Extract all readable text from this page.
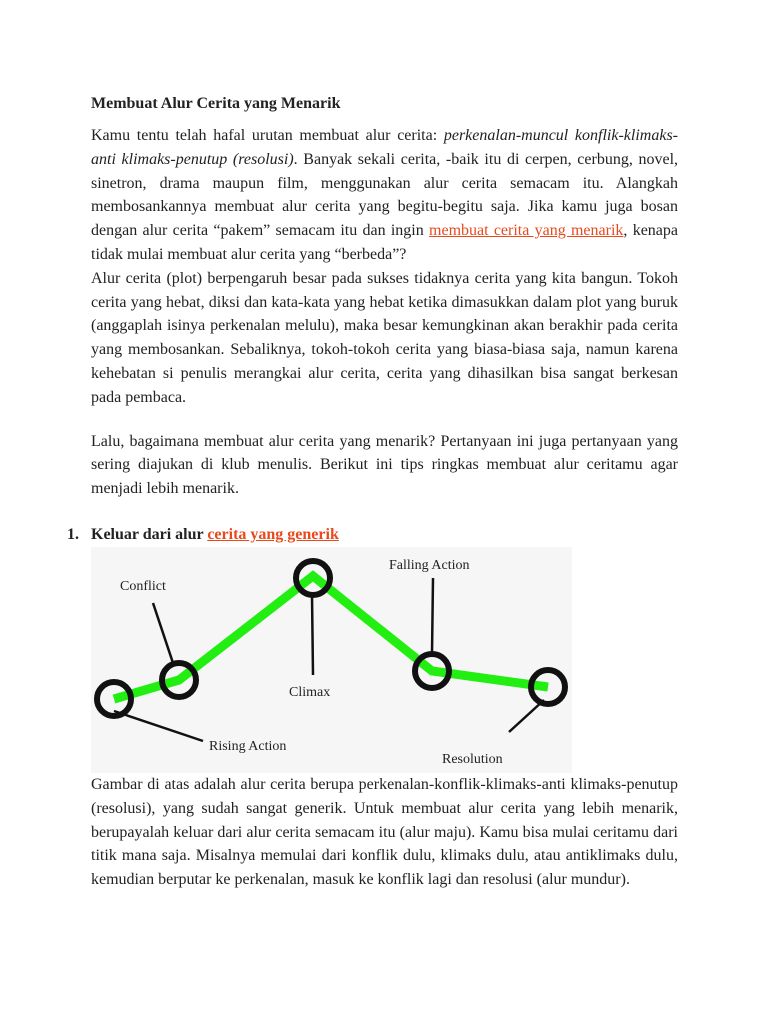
Membuat Alur Cerita yang Menarik

Kamu tentu telah hafal urutan membuat alur cerita: perkenalan-muncul konflik-klimaks-anti klimaks-penutup (resolusi). Banyak sekali cerita, -baik itu di cerpen, cerbung, novel, sinetron, drama maupun film, menggunakan alur cerita semacam itu. Alangkah membosankannya membuat alur cerita yang begitu-begitu saja. Jika kamu juga bosan dengan alur cerita “pakem” semacam itu dan ingin membuat cerita yang menarik, kenapa tidak mulai membuat alur cerita yang “berbeda”?

Alur cerita (plot) berpengaruh besar pada sukses tidaknya cerita yang kita bangun. Tokoh cerita yang hebat, diksi dan kata-kata yang hebat ketika dimasukkan dalam plot yang buruk (anggaplah isinya perkenalan melulu), maka besar kemungkinan akan berakhir pada cerita yang membosankan. Sebaliknya, tokoh-tokoh cerita yang biasa-biasa saja, namun karena kehebatan si penulis merangkai alur cerita, cerita yang dihasilkan bisa sangat berkesan pada pembaca.

Lalu, bagaimana membuat alur cerita yang menarik? Pertanyaan ini juga pertanyaan yang sering diajukan di klub menulis. Berikut ini tips ringkas membuat alur ceritamu agar menjadi lebih menarik.

1. Keluar dari alur cerita yang generik
Conflict
Falling Action
Climax
Rising Action
Resolution

Gambar di atas adalah alur cerita berupa perkenalan-konflik-klimaks-anti klimaks-penutup (resolusi), yang sudah sangat generik. Untuk membuat alur cerita yang lebih menarik, berupayalah keluar dari alur cerita semacam itu (alur maju). Kamu bisa mulai ceritamu dari titik mana saja. Misalnya memulai dari konflik dulu, klimaks dulu, atau antiklimaks dulu, kemudian berputar ke perkenalan, masuk ke konflik lagi dan resolusi (alur mundur).
